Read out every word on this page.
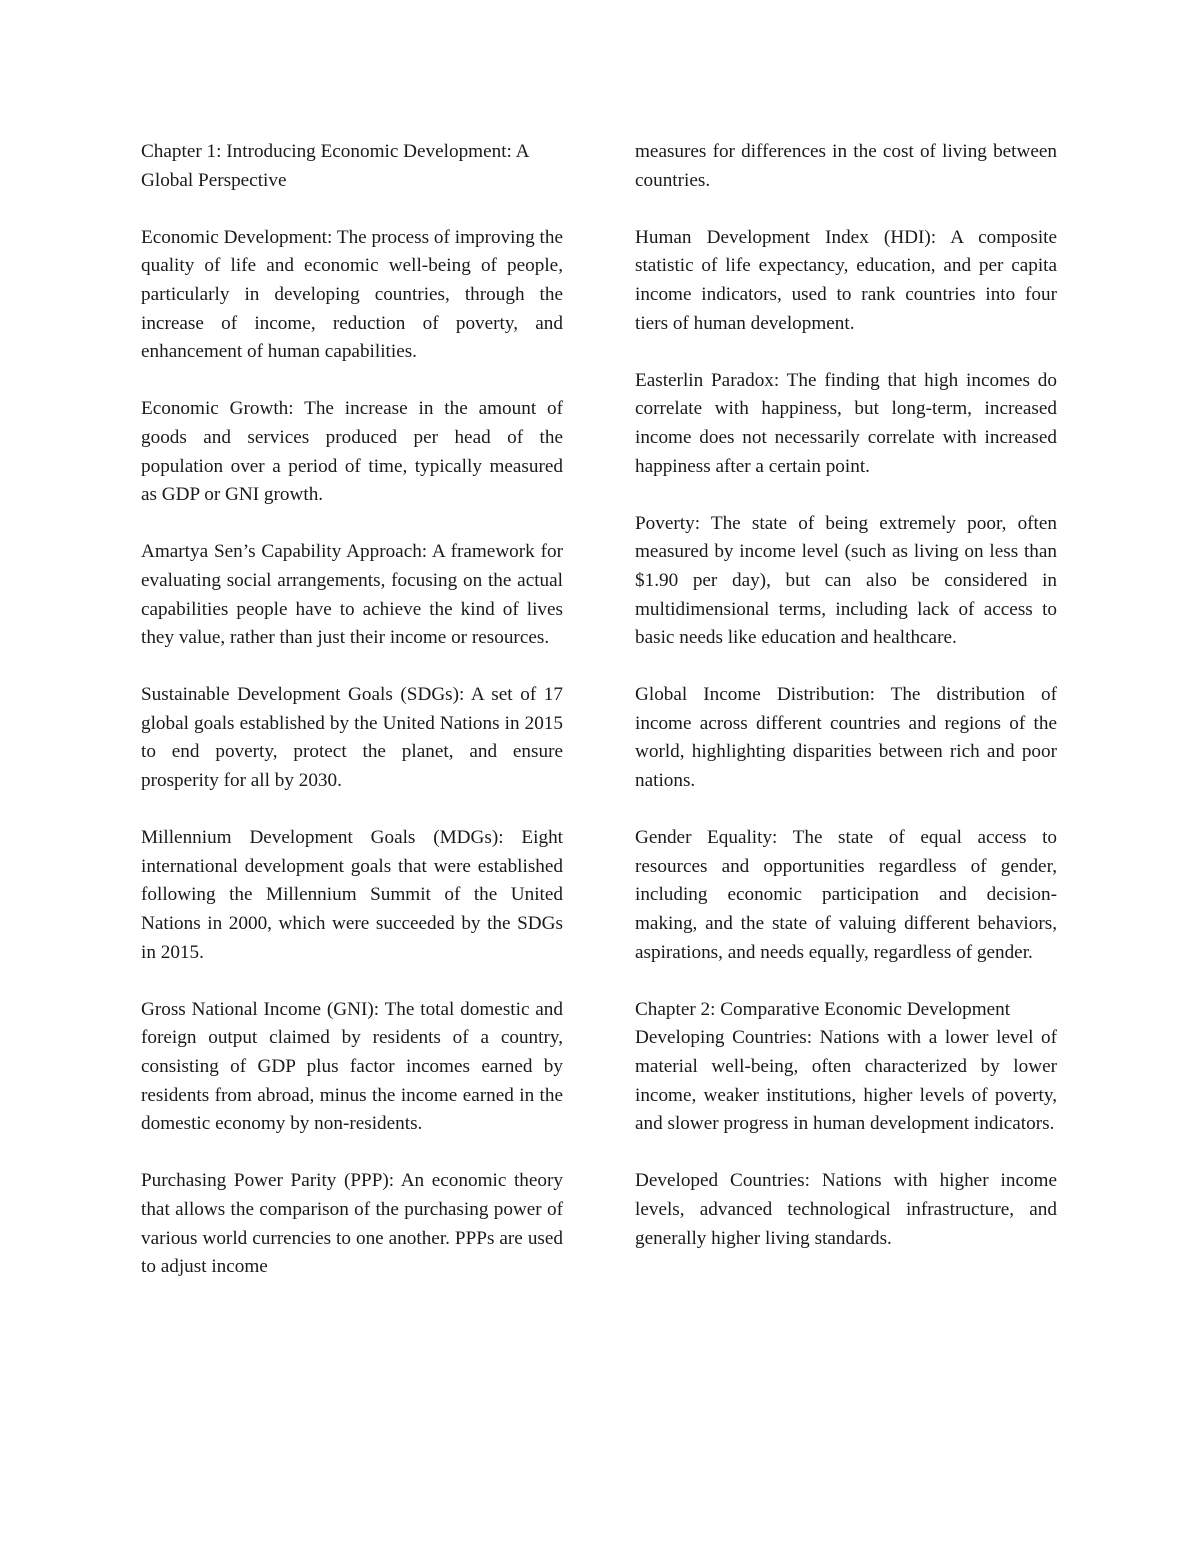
Chapter 1: Introducing Economic Development: A Global Perspective

Economic Development: The process of improving the quality of life and economic well-being of people, particularly in developing countries, through the increase of income, reduction of poverty, and enhancement of human capabilities.

Economic Growth: The increase in the amount of goods and services produced per head of the population over a period of time, typically measured as GDP or GNI growth.

Amartya Sen’s Capability Approach: A framework for evaluating social arrangements, focusing on the actual capabilities people have to achieve the kind of lives they value, rather than just their income or resources.

Sustainable Development Goals (SDGs): A set of 17 global goals established by the United Nations in 2015 to end poverty, protect the planet, and ensure prosperity for all by 2030.

Millennium Development Goals (MDGs): Eight international development goals that were established following the Millennium Summit of the United Nations in 2000, which were succeeded by the SDGs in 2015.

Gross National Income (GNI): The total domestic and foreign output claimed by residents of a country, consisting of GDP plus factor incomes earned by residents from abroad, minus the income earned in the domestic economy by non-residents.

Purchasing Power Parity (PPP): An economic theory that allows the comparison of the purchasing power of various world currencies to one another. PPPs are used to adjust income

measures for differences in the cost of living between countries.

Human Development Index (HDI): A composite statistic of life expectancy, education, and per capita income indicators, used to rank countries into four tiers of human development.

Easterlin Paradox: The finding that high incomes do correlate with happiness, but long-term, increased income does not necessarily correlate with increased happiness after a certain point.

Poverty: The state of being extremely poor, often measured by income level (such as living on less than $1.90 per day), but can also be considered in multidimensional terms, including lack of access to basic needs like education and healthcare.

Global Income Distribution: The distribution of income across different countries and regions of the world, highlighting disparities between rich and poor nations.

Gender Equality: The state of equal access to resources and opportunities regardless of gender, including economic participation and decision-making, and the state of valuing different behaviors, aspirations, and needs equally, regardless of gender.

Chapter 2: Comparative Economic Development
Developing Countries: Nations with a lower level of material well-being, often characterized by lower income, weaker institutions, higher levels of poverty, and slower progress in human development indicators.

Developed Countries: Nations with higher income levels, advanced technological infrastructure, and generally higher living standards.
